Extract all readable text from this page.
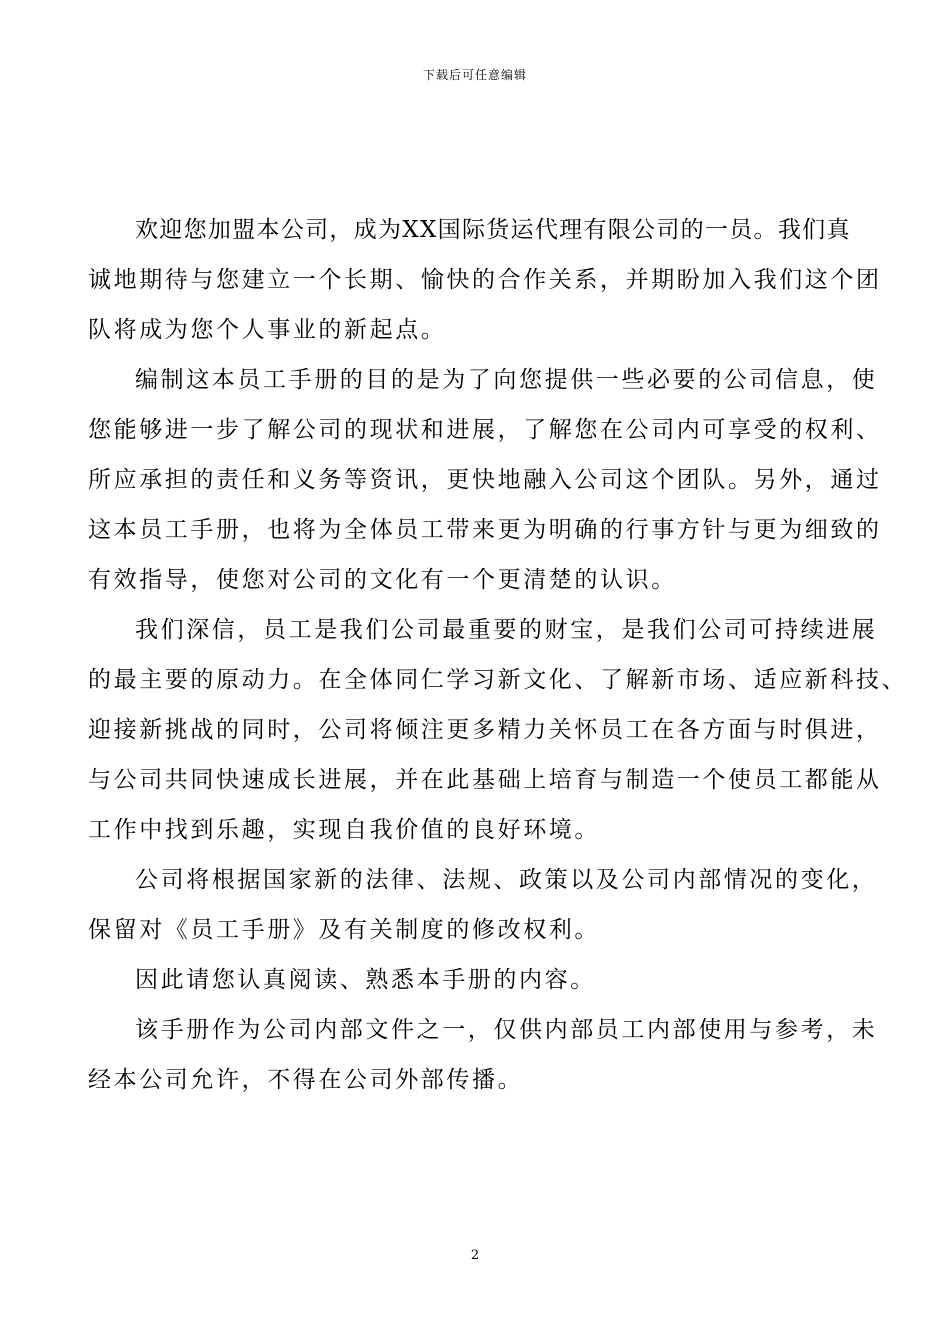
下载后可任意编辑
欢迎您加盟本公司，成为XX国际货运代理有限公司的一员。我们真
诚地期待与您建立一个长期、愉快的合作关系，并期盼加入我们这个团
队将成为您个人事业的新起点。
编制这本员工手册的目的是为了向您提供一些必要的公司信息，使
您能够进一步了解公司的现状和进展，了解您在公司内可享受的权利、
所应承担的责任和义务等资讯，更快地融入公司这个团队。另外，通过
这本员工手册，也将为全体员工带来更为明确的行事方针与更为细致的
有效指导，使您对公司的文化有一个更清楚的认识。
我们深信，员工是我们公司最重要的财宝，是我们公司可持续进展
的最主要的原动力。在全体同仁学习新文化、了解新市场、适应新科技、
迎接新挑战的同时，公司将倾注更多精力关怀员工在各方面与时俱进，
与公司共同快速成长进展，并在此基础上培育与制造一个使员工都能从
工作中找到乐趣，实现自我价值的良好环境。
公司将根据国家新的法律、法规、政策以及公司内部情况的变化，
保留对《员工手册》及有关制度的修改权利。
因此请您认真阅读、熟悉本手册的内容。
该手册作为公司内部文件之一，仅供内部员工内部使用与参考，未
经本公司允许，不得在公司外部传播。
2
